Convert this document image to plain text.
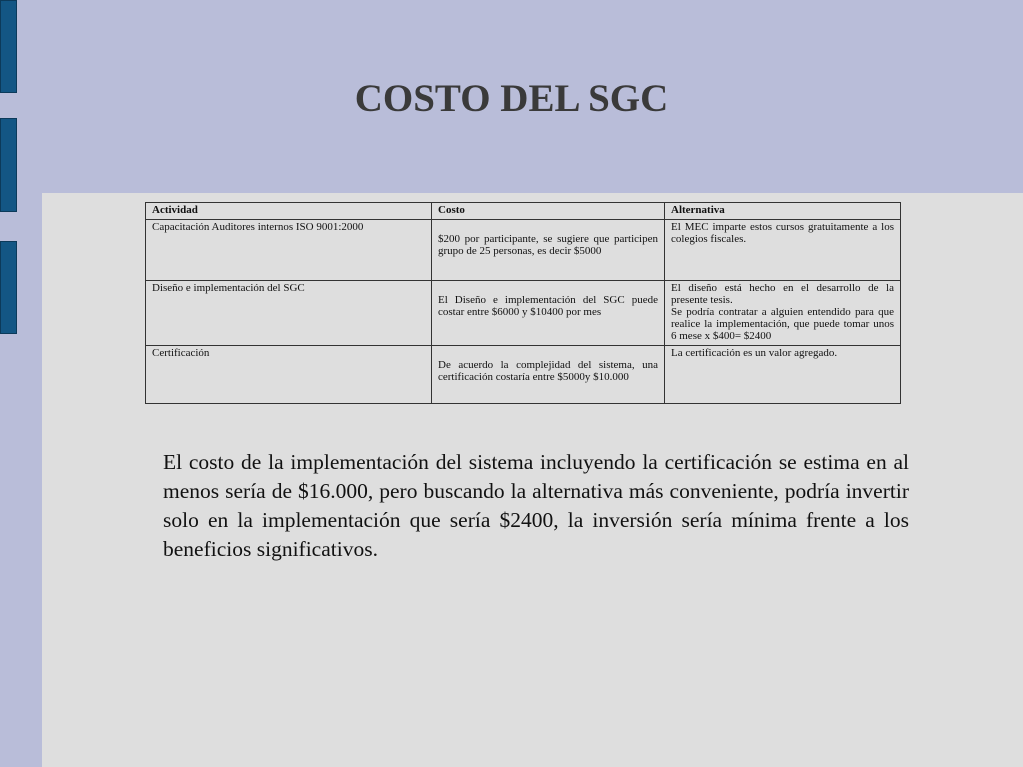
COSTO DEL SGC
Actividad	Costo	Alternativa
Capacitación Auditores internos ISO 9001:2000	$200 por participante, se sugiere que participen grupo de 25 personas, es decir $5000	El MEC imparte estos cursos gratuitamente a los colegios fiscales.

Diseño e implementación del SGC	El Diseño e implementación del SGC puede costar entre $6000 y $10400 por mes	El diseño está hecho en el desarrollo de la presente tesis.
Se podría contratar a alguien entendido para que realice la implementación, que puede tomar unos 6 mese x $400= $2400

Certificación	De acuerdo la complejidad del sistema, una certificación costaría entre $5000y $10.000	La certificación es un valor agregado.

El costo de la implementación del sistema incluyendo la certificación se estima en al menos sería de $16.000, pero buscando la alternativa más conveniente, podría invertir solo en la implementación que sería $2400, la inversión sería mínima frente a los beneficios significativos.
